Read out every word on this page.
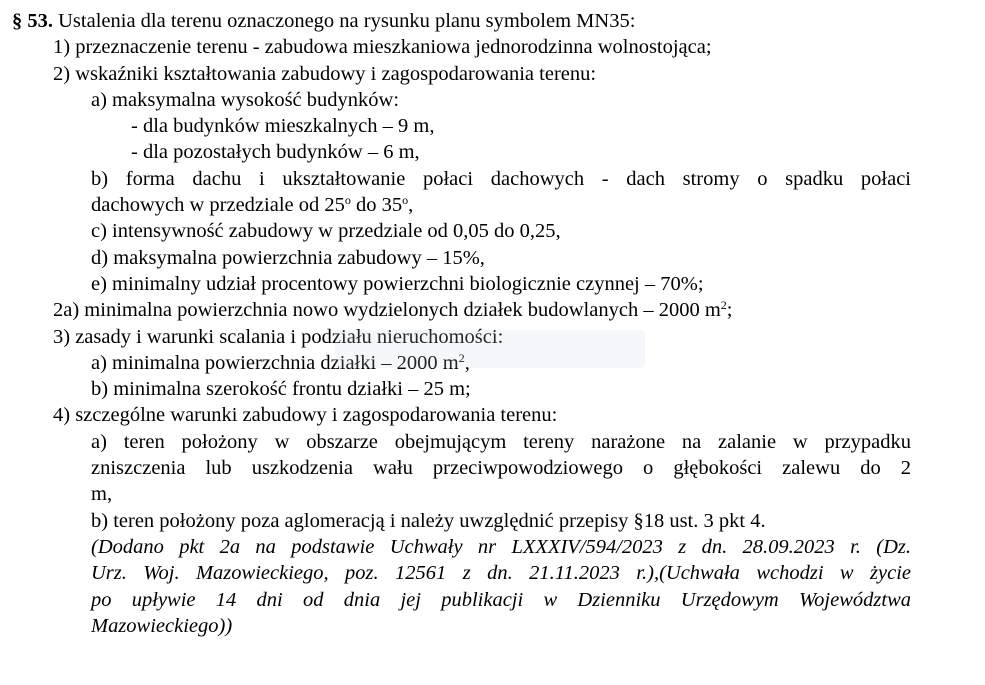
§ 53. Ustalenia dla terenu oznaczonego na rysunku planu symbolem MN35:
1) przeznaczenie terenu - zabudowa mieszkaniowa jednorodzinna wolnostojąca;
2) wskaźniki kształtowania zabudowy i zagospodarowania terenu:
a) maksymalna wysokość budynków:
- dla budynków mieszkalnych – 9 m,
- dla pozostałych budynków – 6 m,
b) forma dachu i ukształtowanie połaci dachowych - dach stromy o spadku połaci
dachowych w przedziale od 25$^o$ do 35$^o$,
c) intensywność zabudowy w przedziale od 0,05 do 0,25,
d) maksymalna powierzchnia zabudowy – 15%,
e) minimalny udział procentowy powierzchni biologicznie czynnej – 70%;
2a) minimalna powierzchnia nowo wydzielonych działek budowlanych – 2000 $m^2$;
3) zasady i warunki scalania i podziału nieruchomości:
a) minimalna powierzchnia działki – 2000 $m^2$,
b) minimalna szerokość frontu działki – 25 m;
4) szczególne warunki zabudowy i zagospodarowania terenu:
a) teren położony w obszarze obejmującym tereny narażone na zalanie w przypadku
zniszczenia lub uszkodzenia wału przeciwpowodziowego o głębokości zalewu do 2
m,
b) teren położony poza aglomeracją i należy uwzględnić przepisy §18 ust. 3 pkt 4.
(Dodano pkt 2a na podstawie Uchwały nr LXXXIV/594/2023 z dn. 28.09.2023 r. (Dz.
Urz. Woj. Mazowieckiego, poz. 12561 z dn. 21.11.2023 r.),(Uchwała wchodzi w życie
po upływie 14 dni od dnia jej publikacji w Dzienniku Urzędowym Województwa
Mazowieckiego))
